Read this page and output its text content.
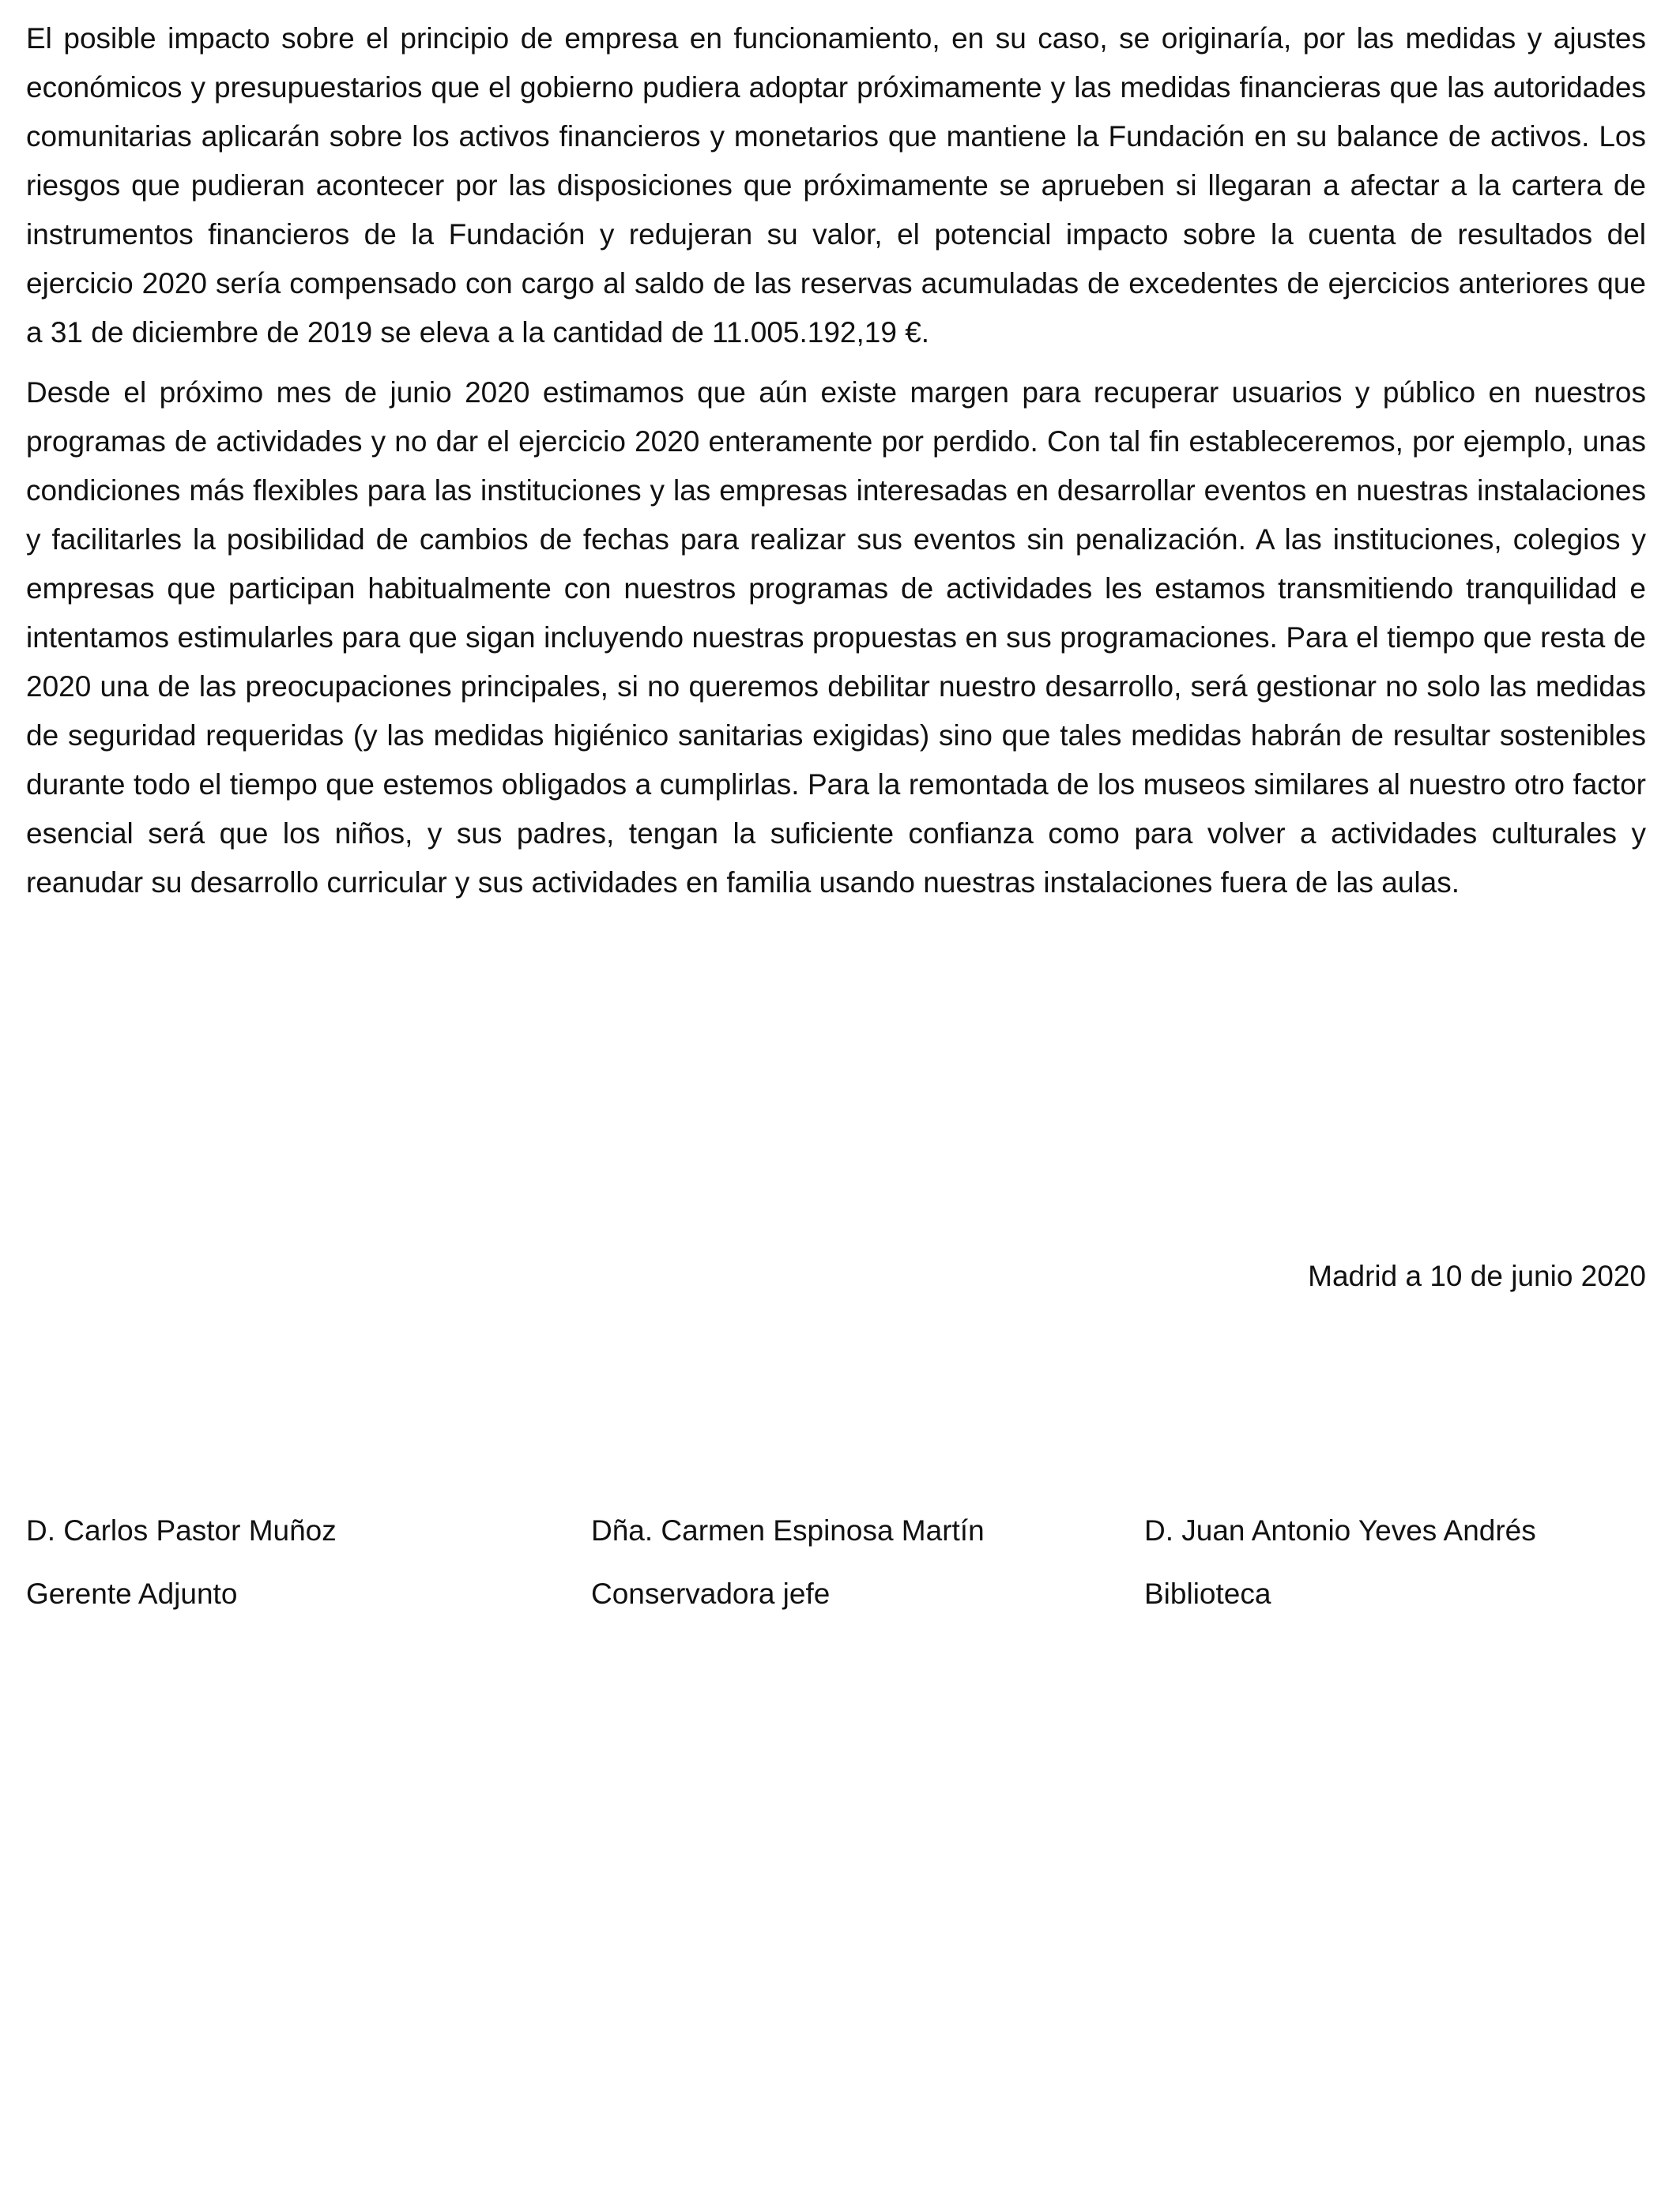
El posible impacto sobre el principio de empresa en funcionamiento, en su caso, se originaría, por las medidas y ajustes económicos y presupuestarios que el gobierno pudiera adoptar próximamente y las medidas financieras que las autoridades comunitarias aplicarán sobre los activos financieros y monetarios que mantiene la Fundación en su balance de activos. Los riesgos que pudieran acontecer por las disposiciones que próximamente se aprueben si llegaran a afectar a la cartera de instrumentos financieros de la Fundación y redujeran su valor, el potencial impacto sobre la cuenta de resultados del ejercicio 2020 sería compensado con cargo al saldo de las reservas acumuladas de excedentes de ejercicios anteriores que a 31 de diciembre de 2019 se eleva a la cantidad de 11.005.192,19 €.

Desde el próximo mes de junio 2020 estimamos que aún existe margen para recuperar usuarios y público en nuestros programas de actividades y no dar el ejercicio 2020 enteramente por perdido. Con tal fin estableceremos, por ejemplo, unas condiciones más flexibles para las instituciones y las empresas interesadas en desarrollar eventos en nuestras instalaciones y facilitarles la posibilidad de cambios de fechas para realizar sus eventos sin penalización. A las instituciones, colegios y empresas que participan habitualmente con nuestros programas de actividades les estamos transmitiendo tranquilidad e intentamos estimularles para que sigan incluyendo nuestras propuestas en sus programaciones. Para el tiempo que resta de 2020 una de las preocupaciones principales, si no queremos debilitar nuestro desarrollo, será gestionar no solo las medidas de seguridad requeridas (y las medidas higiénico sanitarias exigidas) sino que tales medidas habrán de resultar sostenibles durante todo el tiempo que estemos obligados a cumplirlas. Para la remontada de los museos similares al nuestro otro factor esencial será que los niños, y sus padres, tengan la suficiente confianza como para volver a actividades culturales y reanudar su desarrollo curricular y sus actividades en familia usando nuestras instalaciones fuera de las aulas.

Madrid a 10 de junio 2020

D. Carlos Pastor Muñoz

Gerente Adjunto

Dña. Carmen Espinosa Martín

Conservadora jefe

D. Juan Antonio Yeves Andrés

Biblioteca
